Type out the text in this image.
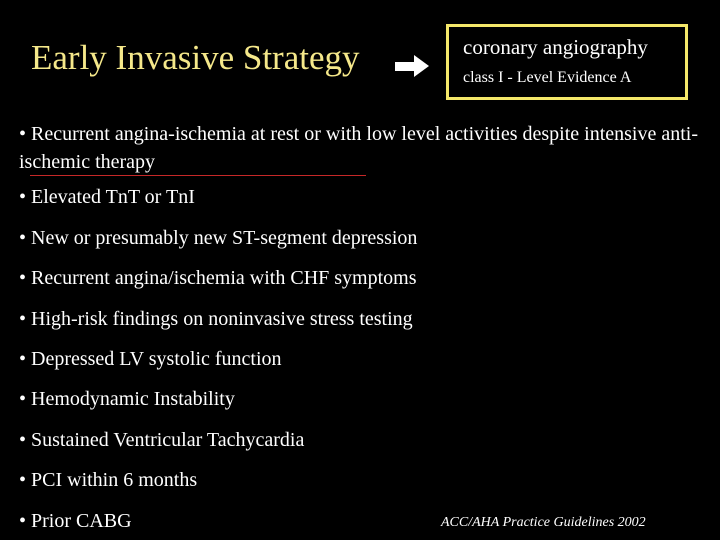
Early Invasive Strategy	coronary angiography
class I - Level Evidence A
• Recurrent angina-ischemia at rest or with low level activities despite intensive anti-ischemic therapy
• Elevated TnT or TnI
• New or presumably new ST-segment depression
• Recurrent angina/ischemia with CHF symptoms
• High-risk findings on noninvasive stress testing
• Depressed LV systolic function
• Hemodynamic Instability
• Sustained Ventricular Tachycardia
• PCI within 6 months
• Prior CABG	ACC/AHA Practice Guidelines 2002
